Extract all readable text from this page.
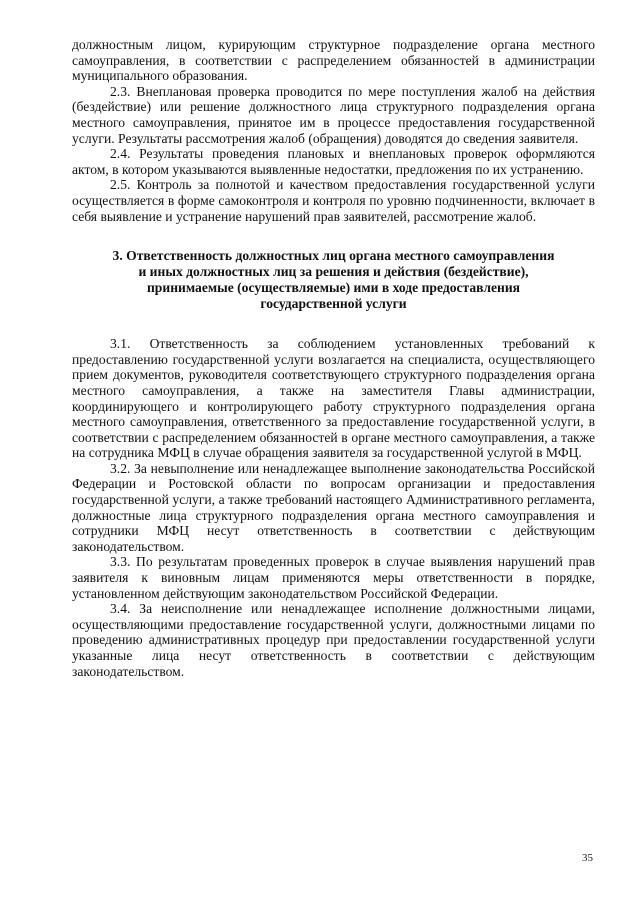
должностным лицом, курирующим структурное подразделение органа местного самоуправления, в соответствии с распределением обязанностей в администрации муниципального образования.

2.3. Внеплановая проверка проводится по мере поступления жалоб на действия (бездействие) или решение должностного лица структурного подразделения органа местного самоуправления, принятое им в процессе предоставления государственной услуги. Результаты рассмотрения жалоб (обращения) доводятся до сведения заявителя.

2.4. Результаты проведения плановых и внеплановых проверок оформляются актом, в котором указываются выявленные недостатки, предложения по их устранению.

2.5. Контроль за полнотой и качеством предоставления государственной услуги осуществляется в форме самоконтроля и контроля по уровню подчиненности, включает в себя выявление и устранение нарушений прав заявителей, рассмотрение жалоб.

3. Ответственность должностных лиц органа местного самоуправления
и иных должностных лиц за решения и действия (бездействие),
принимаемые (осуществляемые) ими в ходе предоставления
государственной услуги

3.1. Ответственность за соблюдением установленных требований к предоставлению государственной услуги возлагается на специалиста, осуществляющего прием документов, руководителя соответствующего структурного подразделения органа местного самоуправления, а также на заместителя Главы администрации, координирующего и контролирующего работу структурного подразделения органа местного самоуправления, ответственного за предоставление государственной услуги, в соответствии с распределением обязанностей в органе местного самоуправления, а также на сотрудника МФЦ в случае обращения заявителя за государственной услугой в МФЦ.

3.2. За невыполнение или ненадлежащее выполнение законодательства Российской Федерации и Ростовской области по вопросам организации и предоставления государственной услуги, а также требований настоящего Административного регламента, должностные лица структурного подразделения органа местного самоуправления и сотрудники МФЦ несут ответственность в соответствии с действующим законодательством.

3.3. По результатам проведенных проверок в случае выявления нарушений прав заявителя к виновным лицам применяются меры ответственности в порядке, установленном действующим законодательством Российской Федерации.

3.4. За неисполнение или ненадлежащее исполнение должностными лицами, осуществляющими предоставление государственной услуги, должностными лицами по проведению административных процедур при предоставлении государственной услуги указанные лица несут ответственность в соответствии с действующим законодательством.

35
